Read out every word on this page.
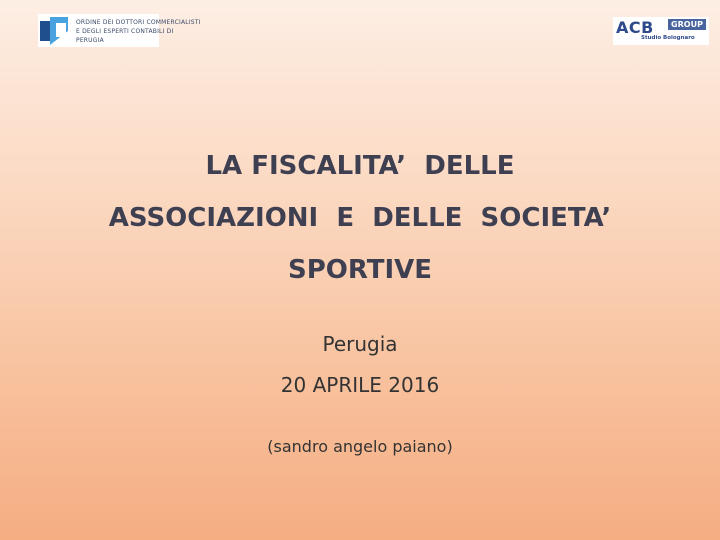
ORDINE DEI DOTTORI COMMERCIALISTI
E DEGLI ESPERTI CONTABILI DI
PERUGIA
ACB	GROUP
Studio Bolognaro
LA FISCALITA’  DELLE
ASSOCIAZIONI  E  DELLE  SOCIETA’
SPORTIVE

Perugia

20 APRILE 2016

(sandro angelo paiano)
